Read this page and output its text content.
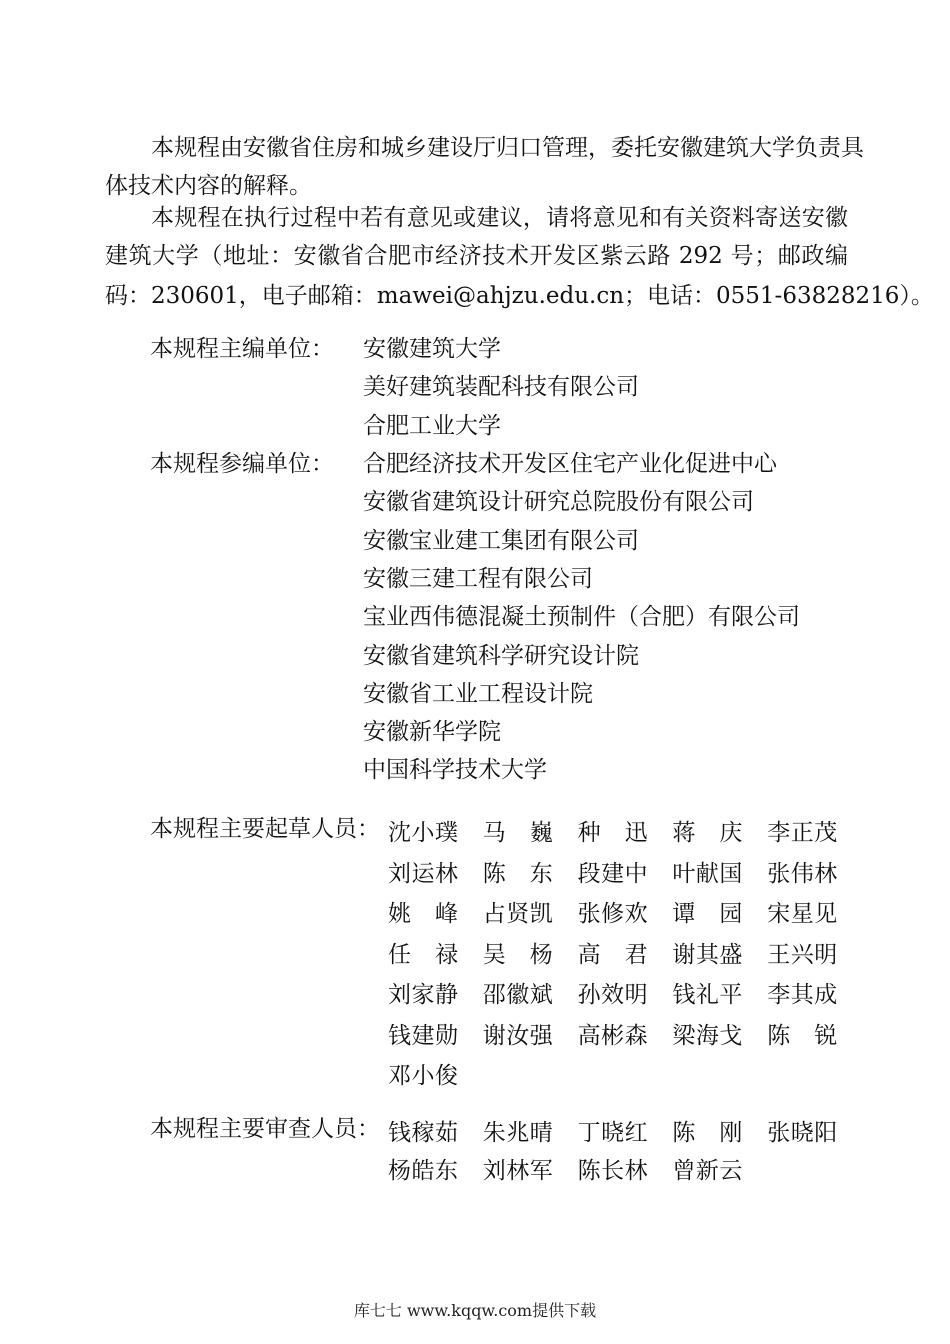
本规程由安徽省住房和城乡建设厅归口管理，委托安徽建筑大学负责具
体技术内容的解释。
本规程在执行过程中若有意见或建议，请将意见和有关资料寄送安徽
建筑大学（地址：安徽省合肥市经济技术开发区紫云路 292 号；邮政编
码：230601，电子邮箱：mawei@ahjzu.edu.cn；电话：0551-63828216）。
本规程主编单位： 安徽建筑大学
美好建筑装配科技有限公司
合肥工业大学
本规程参编单位： 合肥经济技术开发区住宅产业化促进中心
安徽省建筑设计研究总院股份有限公司
安徽宝业建工集团有限公司
安徽三建工程有限公司
宝业西伟德混凝土预制件（合肥）有限公司
安徽省建筑科学研究设计院
安徽省工业工程设计院
安徽新华学院
中国科学技术大学
本规程主要起草人员： 沈小璞 马巍 种迅 蒋庆 李正茂
刘运林 陈东 段建中 叶献国 张伟林
姚峰 占贤凯 张修欢 谭园 宋星见
任禄 吴杨 高君 谢其盛 王兴明
刘家静 邵徽斌 孙效明 钱礼平 李其成
钱建勋 谢汝强 高彬森 梁海戈 陈锐
邓小俊
本规程主要审查人员： 钱稼茹 朱兆晴 丁晓红 陈刚 张晓阳
杨皓东 刘林军 陈长林 曾新云
库七七 www.kqqw.com提供下载
